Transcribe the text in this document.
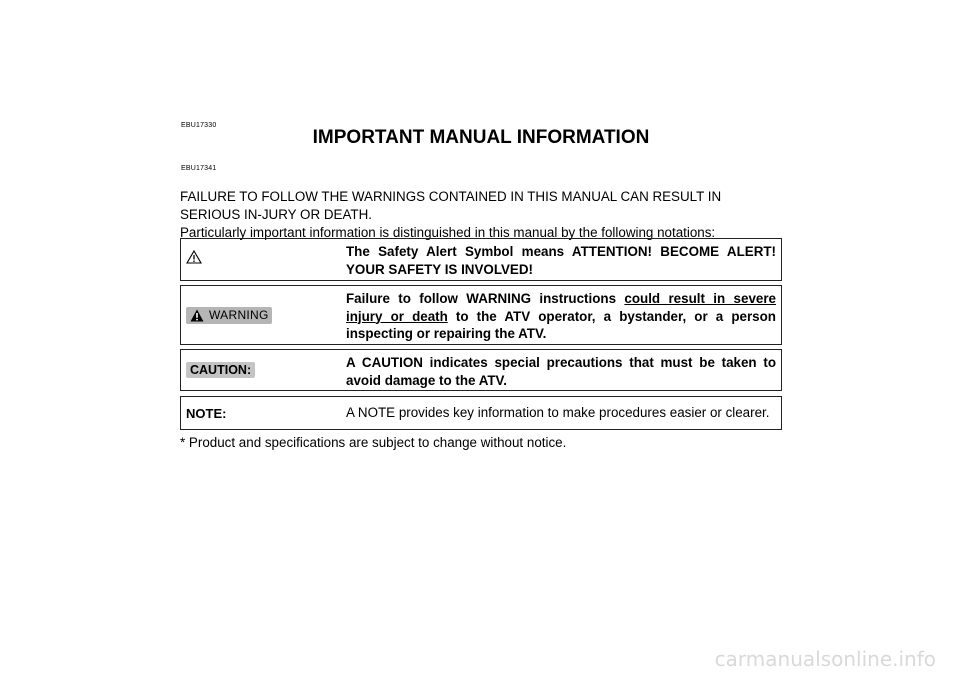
EBU17330
IMPORTANT MANUAL INFORMATION
EBU17341

FAILURE TO FOLLOW THE WARNINGS CONTAINED IN THIS MANUAL CAN RESULT IN SERIOUS IN-JURY OR DEATH.

Particularly important information is distinguished in this manual by the following notations:

The Safety Alert Symbol means ATTENTION! BECOME ALERT! YOUR SAFETY IS INVOLVED!
WARNING
Failure to follow WARNING instructions could result in severe injury or death to the ATV operator, a bystander, or a person inspecting or repairing the ATV.
CAUTION:	A CAUTION indicates special precautions that must be taken to avoid damage to the ATV.
NOTE:	A NOTE provides key information to make procedures easier or clearer.
* Product and specifications are subject to change without notice.
carmanualsonline.info
